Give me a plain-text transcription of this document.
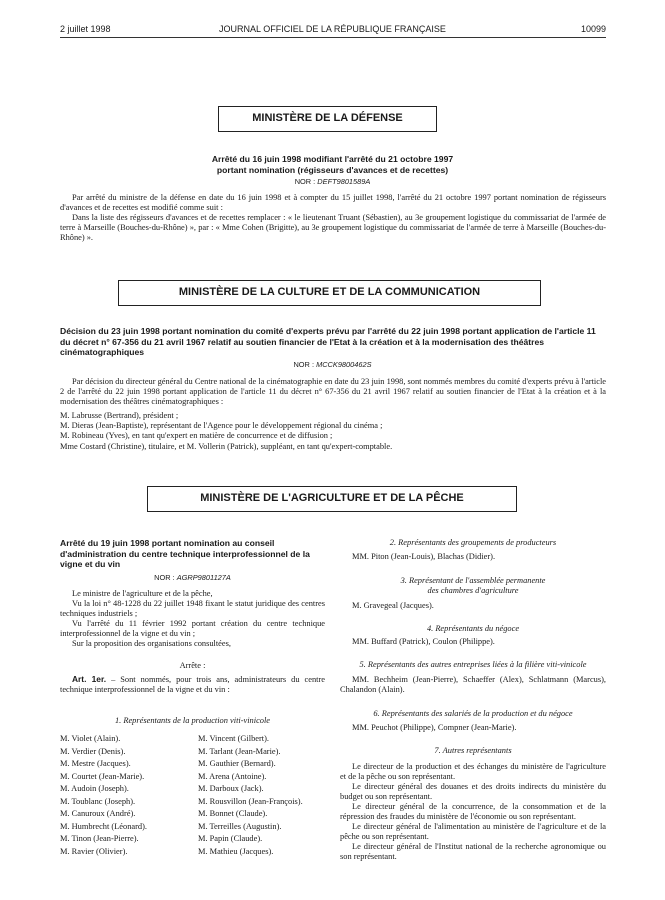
2 juillet 1998	JOURNAL OFFICIEL DE LA RÉPUBLIQUE FRANÇAISE	10099
MINISTÈRE DE LA DÉFENSE
Arrêté du 16 juin 1998 modifiant l'arrêté du 21 octobre 1997
portant nomination (régisseurs d'avances et de recettes)
NOR : DEFT9801589A

Par arrêté du ministre de la défense en date du 16 juin 1998 et à compter du 15 juillet 1998, l'arrêté du 21 octobre 1997 portant nomination de régisseurs d'avances et de recettes est modifié comme suit :

Dans la liste des régisseurs d'avances et de recettes remplacer : « le lieutenant Truant (Sébastien), au 3e groupement logistique du commissariat de l'armée de terre à Marseille (Bouches-du-Rhône) », par : « Mme Cohen (Brigitte), au 3e groupement logistique du commissariat de l'armée de terre à Marseille (Bouches-du-Rhône) ».

MINISTÈRE DE LA CULTURE ET DE LA COMMUNICATION
Décision du 23 juin 1998 portant nomination du comité d'experts prévu par l'arrêté du 22 juin 1998 portant application de l'article 11 du décret n° 67-356 du 21 avril 1967 relatif au soutien financier de l'Etat à la création et à la modernisation des théâtres cinématographiques
NOR : MCCK9800462S

Par décision du directeur général du Centre national de la cinématographie en date du 23 juin 1998, sont nommés membres du comité d'experts prévu à l'article 2 de l'arrêté du 22 juin 1998 portant application de l'article 11 du décret n° 67-356 du 21 avril 1967 relatif au soutien financier de l'Etat à la création et à la modernisation des théâtres cinématographiques :

M. Labrusse (Bertrand), président ;

M. Dieras (Jean-Baptiste), représentant de l'Agence pour le développement régional du cinéma ;

M. Robineau (Yves), en tant qu'expert en matière de concurrence et de diffusion ;

Mme Costard (Christine), titulaire, et M. Vollerin (Patrick), suppléant, en tant qu'expert-comptable.

MINISTÈRE DE L'AGRICULTURE ET DE LA PÊCHE
Arrêté du 19 juin 1998 portant nomination au conseil d'administration du centre technique interprofessionnel de la vigne et du vin
NOR : AGRP9801127A

Le ministre de l'agriculture et de la pêche,

Vu la loi n° 48-1228 du 22 juillet 1948 fixant le statut juridique des centres techniques industriels ;

Vu l'arrêté du 11 février 1992 portant création du centre technique interprofessionnel de la vigne et du vin ;

Sur la proposition des organisations consultées,

Arrête :

Art. 1er. – Sont nommés, pour trois ans, administrateurs du centre technique interprofessionnel de la vigne et du vin :

1. Représentants de la production viti-vinicole
M. Violet (Alain).
M. Verdier (Denis).
M. Mestre (Jacques).
M. Courtet (Jean-Marie).
M. Audoin (Joseph).
M. Toublanc (Joseph).
M. Canuroux (André).
M. Humbrecht (Léonard).
M. Tinon (Jean-Pierre).
M. Ravier (Olivier).
M. Vincent (Gilbert).
M. Tarlant (Jean-Marie).
M. Gauthier (Bernard).
M. Arena (Antoine).
M. Darboux (Jack).
M. Rousvillon (Jean-François).
M. Bonnet (Claude).
M. Terreilles (Augustin).
M. Papin (Claude).
M. Mathieu (Jacques).
2. Représentants des groupements de producteurs

MM. Piton (Jean-Louis), Blachas (Didier).

3. Représentant de l'assemblée permanente
des chambres d'agriculture

M. Gravegeal (Jacques).

4. Représentants du négoce

MM. Buffard (Patrick), Coulon (Philippe).

5. Représentants des autres entreprises liées à la filière viti-vinicole

MM. Bechheim (Jean-Pierre), Schaeffer (Alex), Schlatmann (Marcus), Chalandon (Alain).

6. Représentants des salariés de la production et du négoce

MM. Peuchot (Philippe), Compner (Jean-Marie).

7. Autres représentants

Le directeur de la production et des échanges du ministère de l'agriculture et de la pêche ou son représentant.

Le directeur général des douanes et des droits indirects du ministère du budget ou son représentant.

Le directeur général de la concurrence, de la consommation et de la répression des fraudes du ministère de l'économie ou son représentant.

Le directeur général de l'alimentation au ministère de l'agriculture et de la pêche ou son représentant.

Le directeur général de l'Institut national de la recherche agronomique ou son représentant.
